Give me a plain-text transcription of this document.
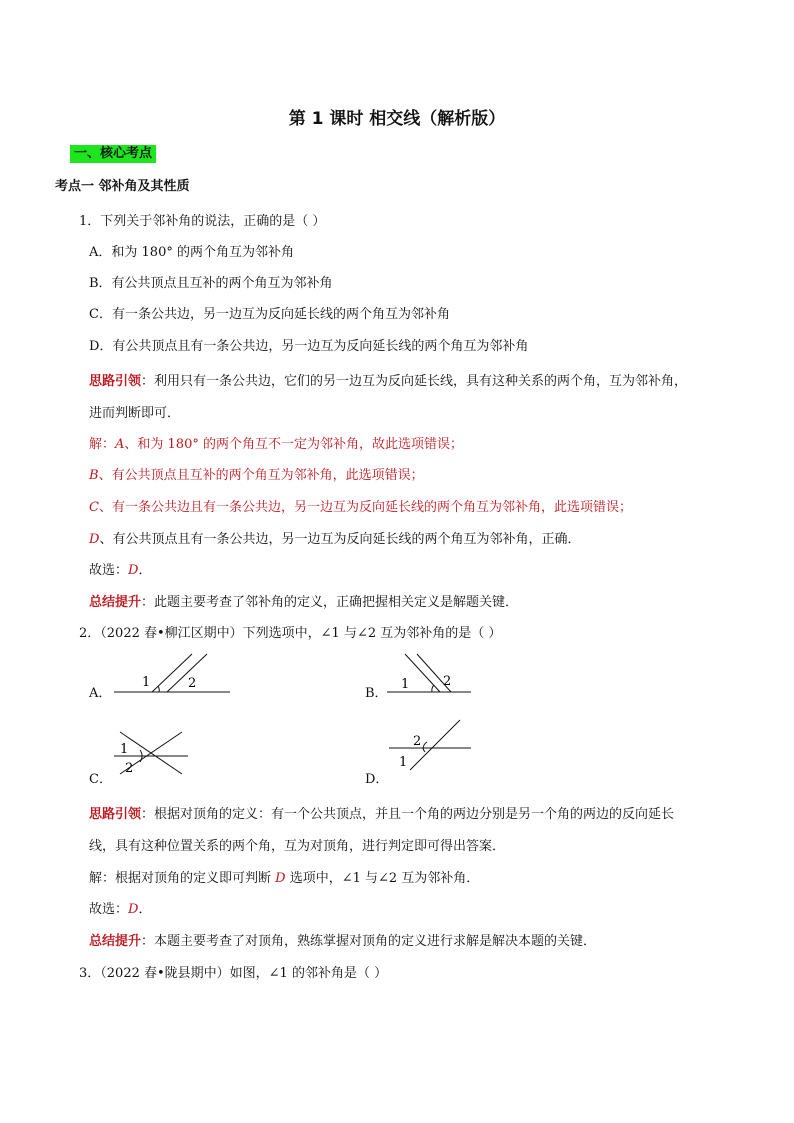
第 1 课时 相交线（解析版）
一、核心考点
考点一 邻补角及其性质
1．下列关于邻补角的说法，正确的是（ ）
A．和为 180° 的两个角互为邻补角
B．有公共顶点且互补的两个角互为邻补角
C．有一条公共边，另一边互为反向延长线的两个角互为邻补角
D．有公共顶点且有一条公共边，另一边互为反向延长线的两个角互为邻补角
思路引领：利用只有一条公共边，它们的另一边互为反向延长线，具有这种关系的两个角，互为邻补角，
进而判断即可．
解：A、和为 180° 的两个角互不一定为邻补角，故此选项错误；
B、有公共顶点且互补的两个角互为邻补角，此选项错误；
C、有一条公共边且有一条公共边，另一边互为反向延长线的两个角互为邻补角，此选项错误；
D、有公共顶点且有一条公共边，另一边互为反向延长线的两个角互为邻补角，正确．
故选：D．
总结提升：此题主要考查了邻补角的定义，正确把握相关定义是解题关键．
2．（2022 春•柳江区期中）下列选项中，∠1 与∠2 互为邻补角的是（ ）
A．
1	2
B．
1	2
C．
1
2
D．
2
1
思路引领：根据对顶角的定义：有一个公共顶点，并且一个角的两边分别是另一个角的两边的反向延长
线，具有这种位置关系的两个角，互为对顶角，进行判定即可得出答案．
解：根据对顶角的定义即可判断 D 选项中，∠1 与∠2 互为邻补角．
故选：D．
总结提升：本题主要考查了对顶角，熟练掌握对顶角的定义进行求解是解决本题的关键．
3．（2022 春•陇县期中）如图，∠1 的邻补角是（ ）
